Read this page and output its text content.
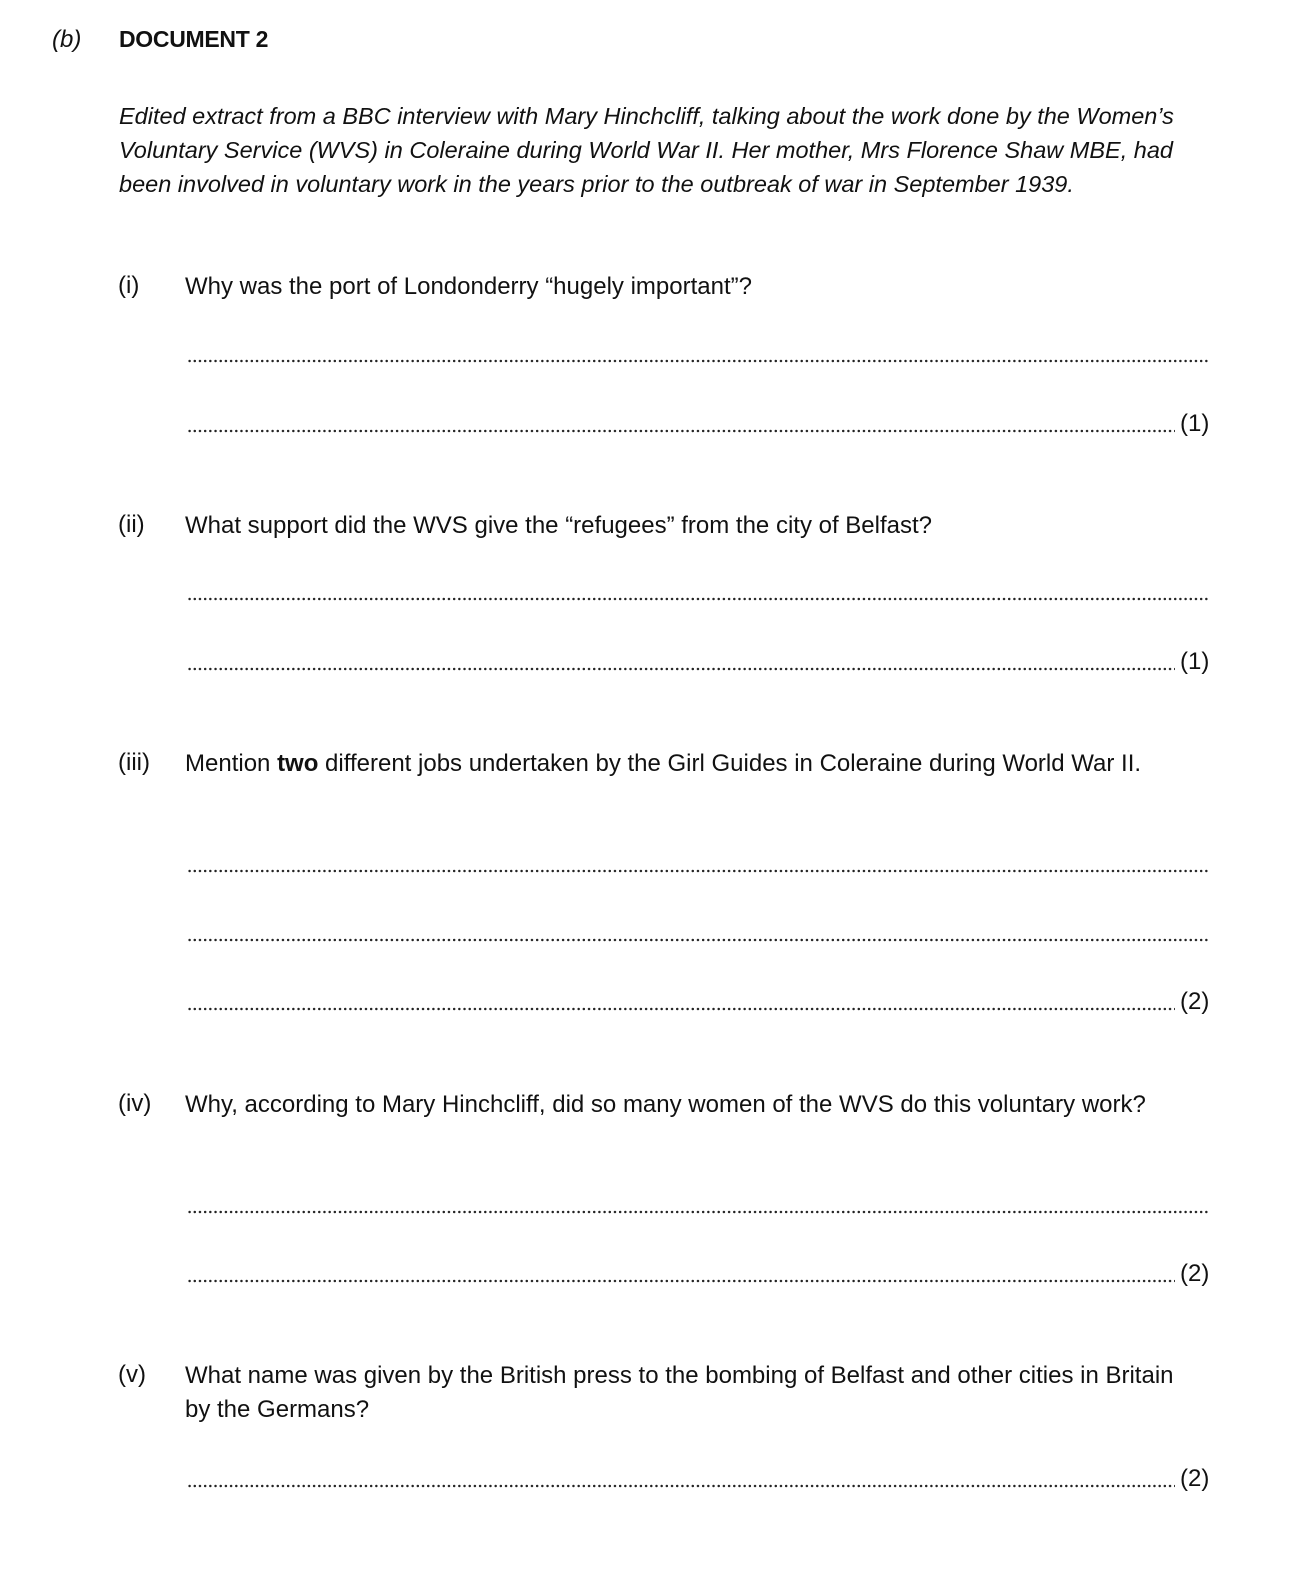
(b) DOCUMENT 2
Edited extract from a BBC interview with Mary Hinchcliff, talking about the work done by the Women’s Voluntary Service (WVS) in Coleraine during World War II. Her mother, Mrs Florence Shaw MBE, had been involved in voluntary work in the years prior to the outbreak of war in September 1939.
(i) Why was the port of Londonderry “hugely important”?
(1)
(ii) What support did the WVS give the “refugees” from the city of Belfast?
(1)
(iii) Mention two different jobs undertaken by the Girl Guides in Coleraine during World War II.
(2)
(iv) Why, according to Mary Hinchcliff, did so many women of the WVS do this voluntary work?
(2)
(v) What name was given by the British press to the bombing of Belfast and other cities in Britain by the Germans?
(2)
